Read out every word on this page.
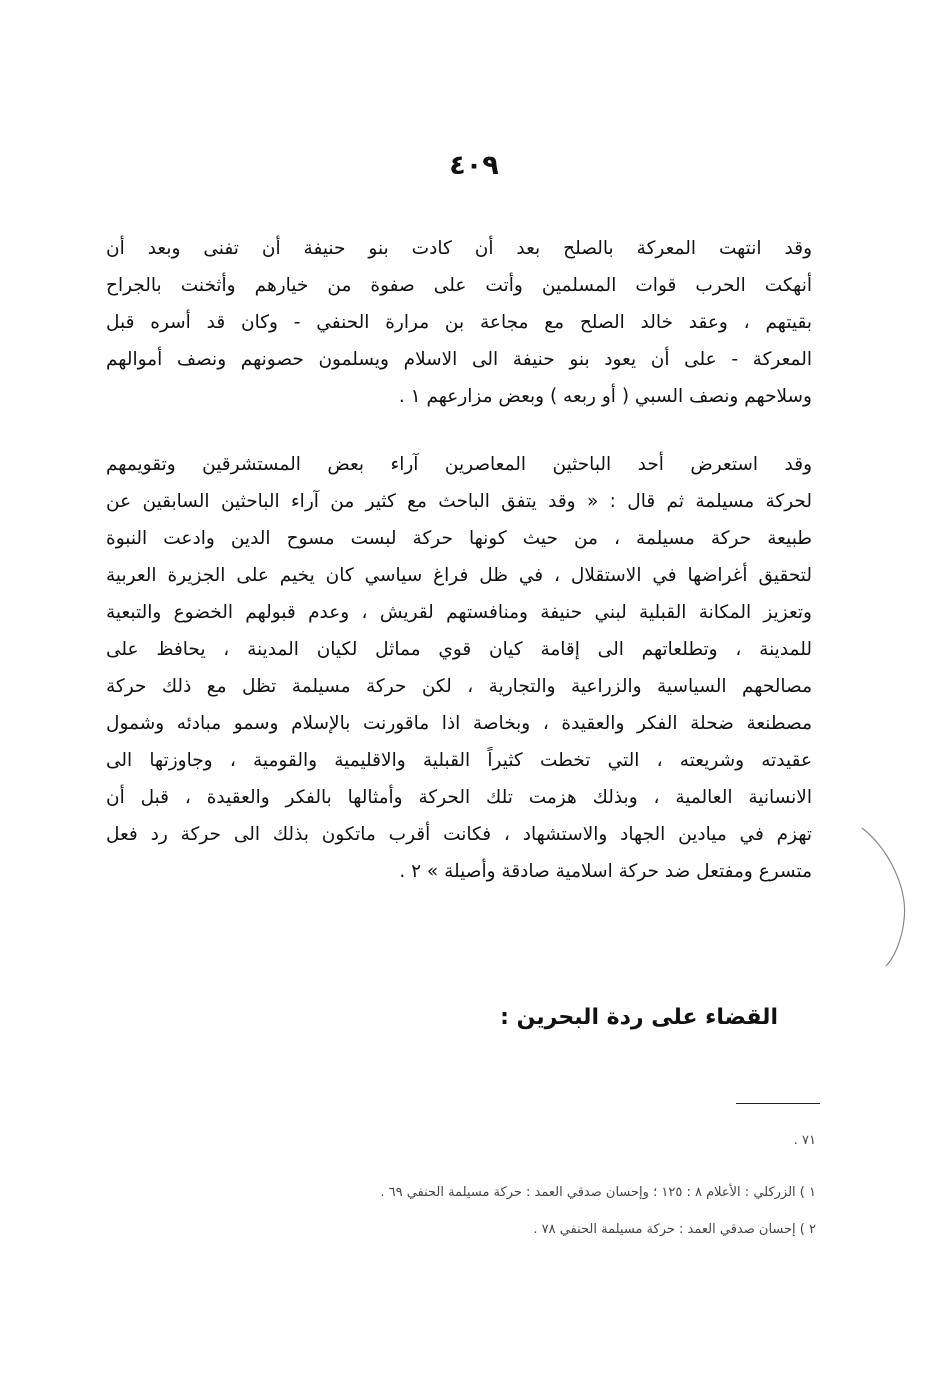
٤٠٩
وقد انتهت المعركة بالصلح بعد أن كادت بنو حنيفة أن تفنى وبعد أن
أنهكت الحرب قوات المسلمين وأتت على صفوة من خيارهم وأثخنت بالجراح
بقيتهم ، وعقد خالد الصلح مع مجاعة بن مرارة الحنفي - وكان قد أسره قبل
المعركة - على أن يعود بنو حنيفة الى الاسلام ويسلمون حصونهم ونصف أموالهم
وسلاحهم ونصف السبي ( أو ربعه ) وبعض مزارعهم ١ .
وقد استعرض أحد الباحثين المعاصرين آراء بعض المستشرقين وتقويمهم
لحركة مسيلمة ثم قال : « وقد يتفق الباحث مع كثير من آراء الباحثين السابقين عن
طبيعة حركة مسيلمة ، من حيث كونها حركة لبست مسوح الدين وادعت النبوة
لتحقيق أغراضها في الاستقلال ، في ظل فراغ سياسي كان يخيم على الجزيرة العربية
وتعزيز المكانة القبلية لبني حنيفة ومنافستهم لقريش ، وعدم قبولهم الخضوع والتبعية
للمدينة ، وتطلعاتهم الى إقامة كيان قوي مماثل لكيان المدينة ، يحافظ على
مصالحهم السياسية والزراعية والتجارية ، لكن حركة مسيلمة تظل مع ذلك حركة
مصطنعة ضحلة الفكر والعقيدة ، وبخاصة اذا ماقورنت بالإسلام وسمو مبادئه وشمول
عقيدته وشريعته ، التي تخطت كثيراً القبلية والاقليمية والقومية ، وجاوزتها الى
الانسانية العالمية ، وبذلك هزمت تلك الحركة وأمثالها بالفكر والعقيدة ، قبل أن
تهزم في ميادين الجهاد والاستشهاد ، فكانت أقرب ماتكون بذلك الى حركة رد فعل
متسرع ومفتعل ضد حركة اسلامية صادقة وأصيلة » ٢ .
القضاء على ردة البحرين :
٧١ .
١ ) الزركلي : الأعلام ٨ : ١٢٥ ؛ وإحسان صدقي العمد : حركة مسيلمة الحنفي ٦٩ .
٢ ) إحسان صدقي العمد : حركة مسيلمة الحنفي ٧٨ .
